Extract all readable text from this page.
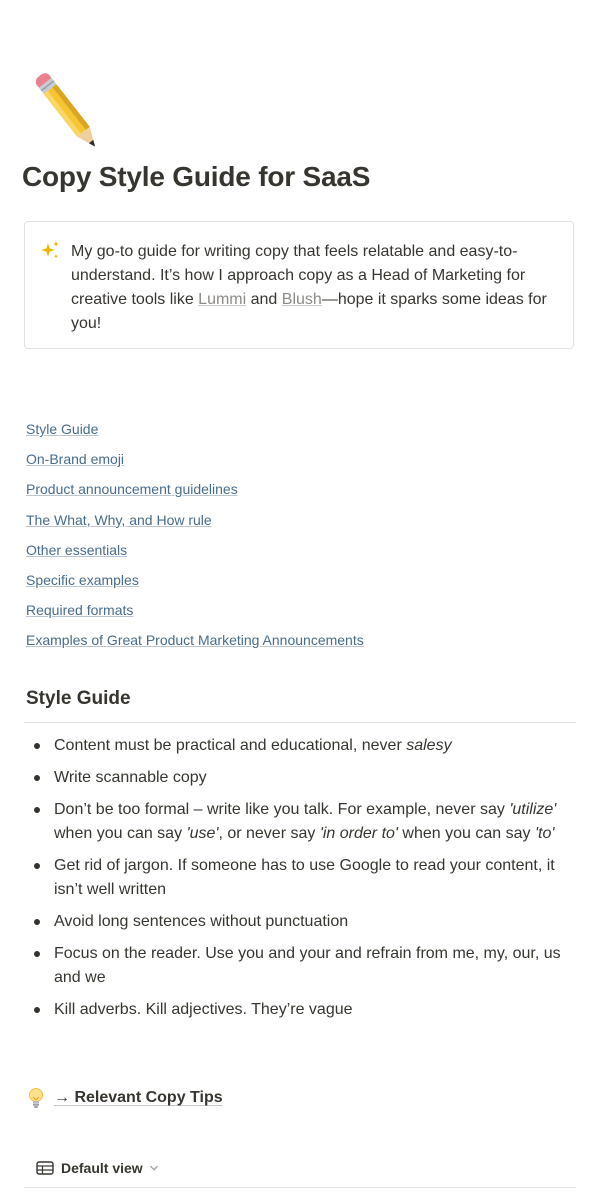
Copy Style Guide for SaaS
My go-to guide for writing copy that feels relatable and easy-to-understand. It’s how I approach copy as a Head of Marketing for creative tools like Lummi and Blush—hope it sparks some ideas for you!
Style Guide
On-Brand emoji
Product announcement guidelines
The What, Why, and How rule
Other essentials
Specific examples
Required formats
Examples of Great Product Marketing Announcements
Style Guide
Content must be practical and educational, never salesy
Write scannable copy
Don’t be too formal – write like you talk. For example, never say 'utilize' when you can say 'use', or never say 'in order to' when you can say 'to'
Get rid of jargon. If someone has to use Google to read your content, it isn’t well written
Avoid long sentences without punctuation
Focus on the reader. Use you and your and refrain from me, my, our, us and we
Kill adverbs. Kill adjectives. They’re vague
→ Relevant Copy Tips
Default view
